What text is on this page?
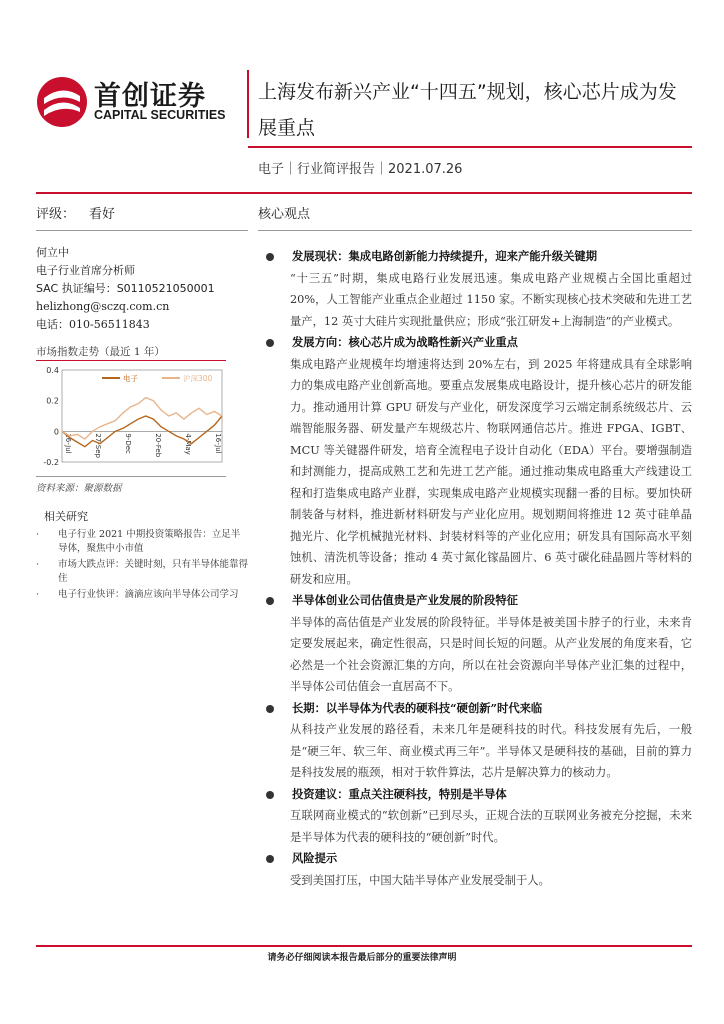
首创证券
CAPITAL SECURITIES
上海发布新兴产业“十四五”规划，核心芯片成为发展重点
电子｜行业简评报告｜2021.07.26
评级： 看好	核心观点
何立中
电子行业首席分析师
SAC 执证编号：S0110521050001
helizhong@sczq.com.cn
电话：010-56511843
市场指数走势（最近 1 年）
0.4
0.2
0
-0.2
16-Jul	27-Sep	9-Dec	20-Feb	4-May	16-Jul
电子	沪深300
资料来源：聚源数据
相关研究
· 电子行业 2021 中期投资策略报告：立足半导体，聚焦中小市值
· 市场大跌点评：关键时刻，只有半导体能靠得住
· 电子行业快评：滴滴应该向半导体公司学习
发展现状：集成电路创新能力持续提升，迎来产能升级关键期
“十三五”时期，集成电路行业发展迅速。集成电路产业规模占全国比重超过 20%，人工智能产业重点企业超过 1150 家。不断实现核心技术突破和先进工艺量产，12 英寸大硅片实现批量供应；形成“张江研发+上海制造”的产业模式。
发展方向：核心芯片成为战略性新兴产业重点
集成电路产业规模年均增速将达到 20%左右，到 2025 年将建成具有全球影响力的集成电路产业创新高地。要重点发展集成电路设计，提升核心芯片的研发能力。推动通用计算 GPU 研发与产业化，研发深度学习云端定制系统级芯片、云端智能服务器、研发量产车规级芯片、物联网通信芯片。推进 FPGA、IGBT、MCU 等关键器件研发，培育全流程电子设计自动化（EDA）平台。要增强制造和封测能力，提高成熟工艺和先进工艺产能。通过推动集成电路重大产线建设工程和打造集成电路产业群，实现集成电路产业规模实现翻一番的目标。要加快研制装备与材料，推进新材料研发与产业化应用。规划期间将推进 12 英寸硅单晶抛光片、化学机械抛光材料、封装材料等的产业化应用；研发具有国际高水平刻蚀机、清洗机等设备；推动 4 英寸氮化镓晶圆片、6 英寸碳化硅晶圆片等材料的研发和应用。
半导体创业公司估值贵是产业发展的阶段特征
半导体的高估值是产业发展的阶段特征。半导体是被美国卡脖子的行业，未来肯定要发展起来，确定性很高，只是时间长短的问题。从产业发展的角度来看，它必然是一个社会资源汇集的方向，所以在社会资源向半导体产业汇集的过程中，半导体公司估值会一直居高不下。
长期：以半导体为代表的硬科技“硬创新”时代来临
从科技产业发展的路径看，未来几年是硬科技的时代。科技发展有先后，一般是“硬三年、软三年、商业模式再三年”。半导体又是硬科技的基础，目前的算力是科技发展的瓶颈，相对于软件算法，芯片是解决算力的核动力。
投资建议：重点关注硬科技，特别是半导体
互联网商业模式的“软创新”已到尽头，正规合法的互联网业务被充分挖掘，未来是半导体为代表的硬科技的“硬创新”时代。
风险提示
受到美国打压，中国大陆半导体产业发展受制于人。
请务必仔细阅读本报告最后部分的重要法律声明
